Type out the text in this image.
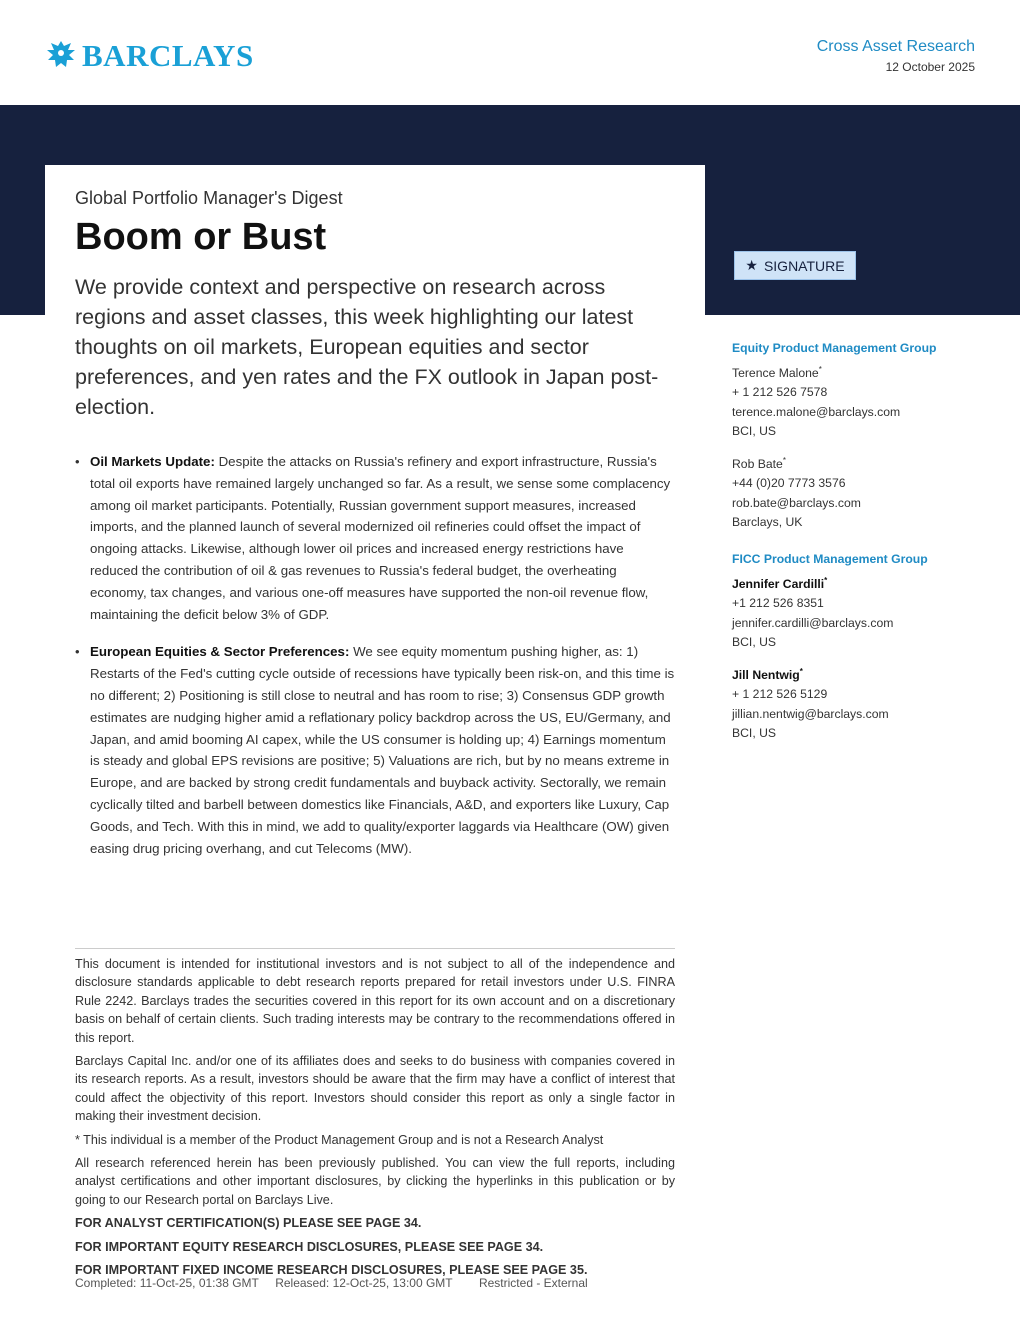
BARCLAYS	Cross Asset Research
12 October 2025
Global Portfolio Manager's Digest
Boom or Bust
We provide context and perspective on research across regions and asset classes, this week highlighting our latest thoughts on oil markets, European equities and sector preferences, and yen rates and the FX outlook in Japan post-election.
★ SIGNATURE
• Oil Markets Update: Despite the attacks on Russia's refinery and export infrastructure, Russia's total oil exports have remained largely unchanged so far. As a result, we sense some complacency among oil market participants. Potentially, Russian government support measures, increased imports, and the planned launch of several modernized oil refineries could offset the impact of ongoing attacks. Likewise, although lower oil prices and increased energy restrictions have reduced the contribution of oil & gas revenues to Russia's federal budget, the overheating economy, tax changes, and various one-off measures have supported the non-oil revenue flow, maintaining the deficit below 3% of GDP.
• European Equities & Sector Preferences: We see equity momentum pushing higher, as: 1) Restarts of the Fed's cutting cycle outside of recessions have typically been risk-on, and this time is no different; 2) Positioning is still close to neutral and has room to rise; 3) Consensus GDP growth estimates are nudging higher amid a reflationary policy backdrop across the US, EU/Germany, and Japan, and amid booming AI capex, while the US consumer is holding up; 4) Earnings momentum is steady and global EPS revisions are positive; 5) Valuations are rich, but by no means extreme in Europe, and are backed by strong credit fundamentals and buyback activity. Sectorally, we remain cyclically tilted and barbell between domestics like Financials, A&D, and exporters like Luxury, Cap Goods, and Tech. With this in mind, we add to quality/exporter laggards via Healthcare (OW) given easing drug pricing overhang, and cut Telecoms (MW).

This document is intended for institutional investors and is not subject to all of the independence and disclosure standards applicable to debt research reports prepared for retail investors under U.S. FINRA Rule 2242. Barclays trades the securities covered in this report for its own account and on a discretionary basis on behalf of certain clients. Such trading interests may be contrary to the recommendations offered in this report.

Barclays Capital Inc. and/or one of its affiliates does and seeks to do business with companies covered in its research reports. As a result, investors should be aware that the firm may have a conflict of interest that could affect the objectivity of this report. Investors should consider this report as only a single factor in making their investment decision.

* This individual is a member of the Product Management Group and is not a Research Analyst

All research referenced herein has been previously published. You can view the full reports, including analyst certifications and other important disclosures, by clicking the hyperlinks in this publication or by going to our Research portal on Barclays Live.

FOR ANALYST CERTIFICATION(S) PLEASE SEE PAGE 34.
FOR IMPORTANT EQUITY RESEARCH DISCLOSURES, PLEASE SEE PAGE 34.
FOR IMPORTANT FIXED INCOME RESEARCH DISCLOSURES, PLEASE SEE PAGE 35.
Completed: 11-Oct-25, 01:38 GMT Released: 12-Oct-25, 13:00 GMT Restricted - External
Equity Product Management Group
Terence Malone*
+ 1 212 526 7578
terence.malone@barclays.com
BCI, US
Rob Bate*
+44 (0)20 7773 3576
rob.bate@barclays.com
Barclays, UK
FICC Product Management Group
Jennifer Cardilli*
+1 212 526 8351
jennifer.cardilli@barclays.com
BCI, US
Jill Nentwig*
+ 1 212 526 5129
jillian.nentwig@barclays.com
BCI, US
